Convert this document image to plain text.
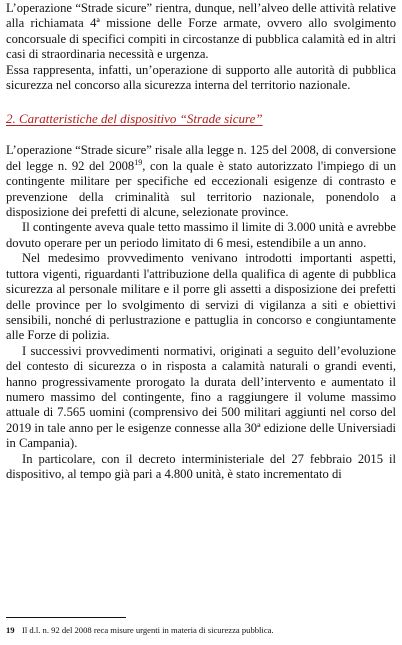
L’operazione “Strade sicure” rientra, dunque, nell’alveo delle attività relative alla richiamata 4ª missione delle Forze armate, ovvero allo svolgimento concorsuale di specifici compiti in circostanze di pubblica calamità ed in altri casi di straordinaria necessità e urgenza.

Essa rappresenta, infatti, un’operazione di supporto alle autorità di pubblica sicurezza nel concorso alla sicurezza interna del territorio nazionale.

2. Caratteristiche del dispositivo “Strade sicure”

L’operazione “Strade sicure” risale alla legge n. 125 del 2008, di conversione del legge n. 92 del 2008$^{19}$, con la quale è stato autorizzato l'impiego di un contingente militare per specifiche ed eccezionali esigenze di contrasto e prevenzione della criminalità sul territorio nazionale, ponendolo a disposizione dei prefetti di alcune, selezionate province.

Il contingente aveva quale tetto massimo il limite di 3.000 unità e avrebbe dovuto operare per un periodo limitato di 6 mesi, estendibile a un anno.

Nel medesimo provvedimento venivano introdotti importanti aspetti, tuttora vigenti, riguardanti l'attribuzione della qualifica di agente di pubblica sicurezza al personale militare e il porre gli assetti a disposizione dei prefetti delle province per lo svolgimento di servizi di vigilanza a siti e obiettivi sensibili, nonché di perlustrazione e pattuglia in concorso e congiuntamente alle Forze di polizia.

I successivi provvedimenti normativi, originati a seguito dell’evoluzione del contesto di sicurezza o in risposta a calamità naturali o grandi eventi, hanno progressivamente prorogato la durata dell’intervento e aumentato il numero massimo del contingente, fino a raggiungere il volume massimo attuale di 7.565 uomini (comprensivo dei 500 militari aggiunti nel corso del 2019 in tale anno per le esigenze connesse alla 30ª edizione delle Universiadi in Campania).

In particolare, con il decreto interministeriale del 27 febbraio 2015 il dispositivo, al tempo già pari a 4.800 unità, è stato incrementato di

19 Il d.l. n. 92 del 2008 reca misure urgenti in materia di sicurezza pubblica.
